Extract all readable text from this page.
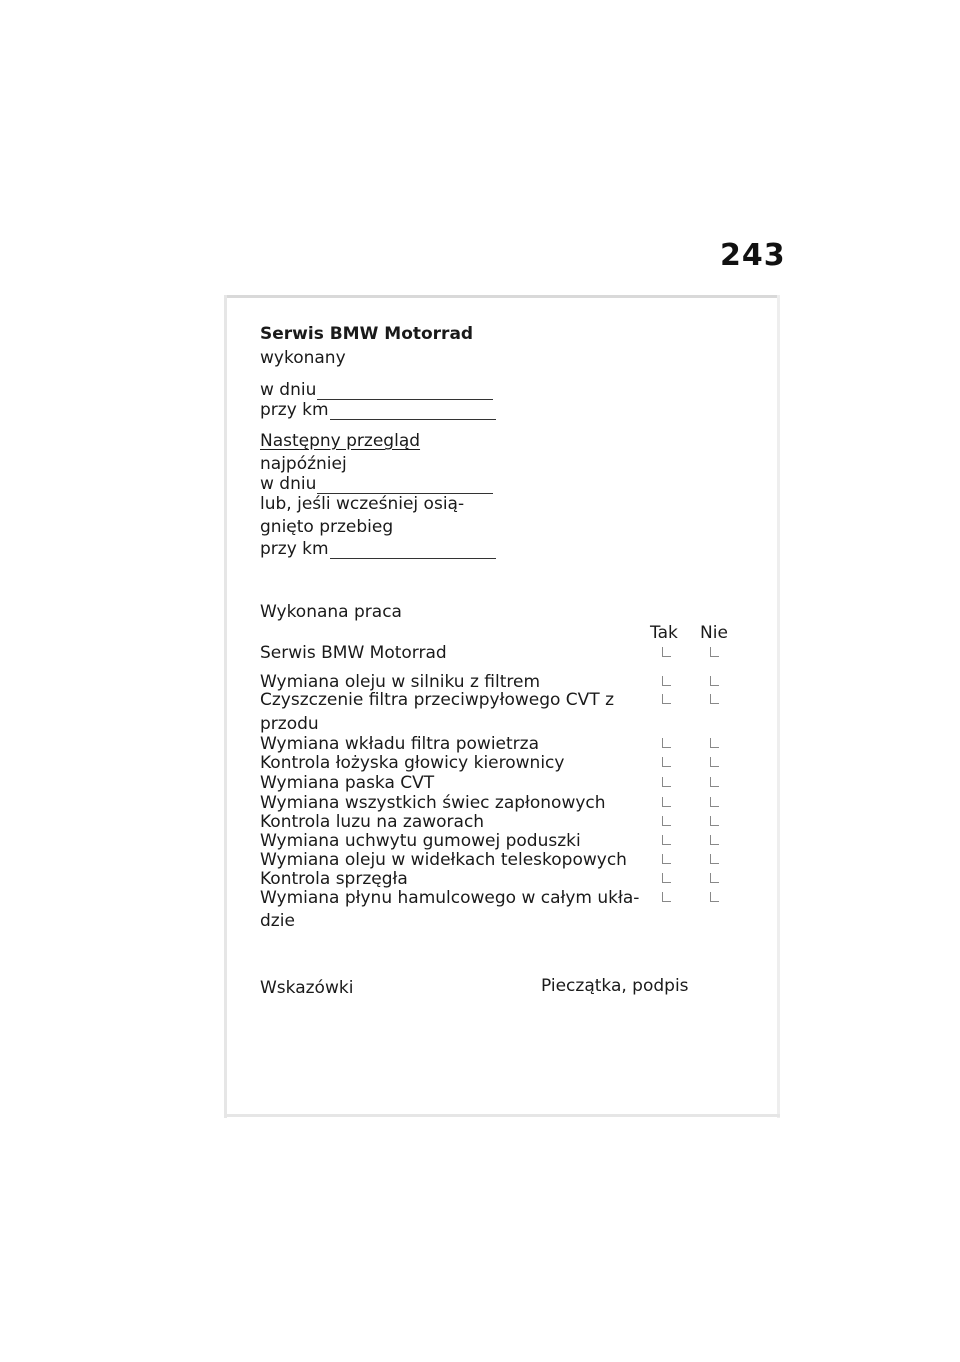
243
Serwis BMW Motorrad
wykonany
w dniu
przy km
Następny przegląd
najpóźniej
w dniu
lub, jeśli wcześniej osią-
gnięto przebieg
przy km
Wykonana praca
Tak Nie
Serwis BMW Motorrad
Wymiana oleju w silniku z filtrem
Czyszczenie filtra przeciwpyłowego CVT z
przodu
Wymiana wkładu filtra powietrza
Kontrola łożyska głowicy kierownicy
Wymiana paska CVT
Wymiana wszystkich świec zapłonowych
Kontrola luzu na zaworach
Wymiana uchwytu gumowej poduszki
Wymiana oleju w widełkach teleskopowych
Kontrola sprzęgła
Wymiana płynu hamulcowego w całym ukła-
dzie
Wskazówki	Pieczątka, podpis
